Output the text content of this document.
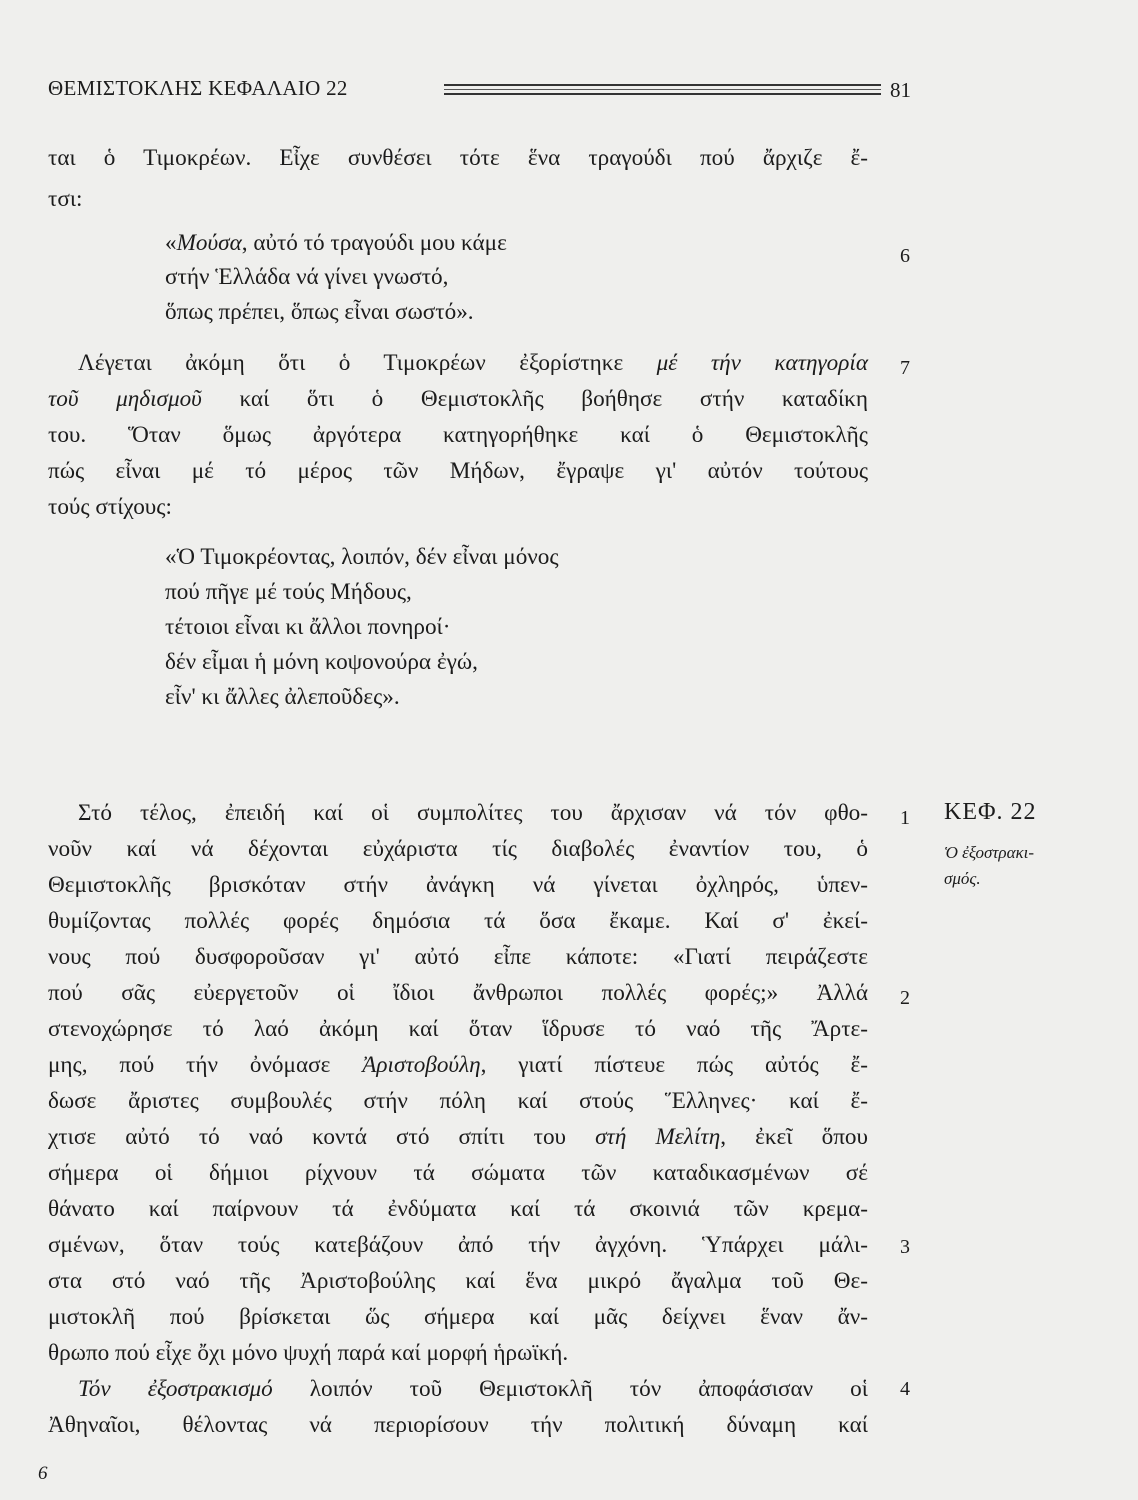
ΘΕΜΙΣΤΟΚΛΗΣ ΚΕΦΑΛΑΙΟ 22	81
ται ὁ Τιμοκρέων. Εἶχε συνθέσει τότε ἕνα τραγούδι πού ἄρχιζε ἔ-
τσι:
«Μούσα, αὐτό τό τραγούδι μου κάμε
στήν Ἑλλάδα νά γίνει γνωστό,
ὅπως πρέπει, ὅπως εἶναι σωστό».
Λέγεται ἀκόμη ὅτι ὁ Τιμοκρέων ἐξορίστηκε μέ τήν κατηγορία
τοῦ μηδισμοῦ καί ὅτι ὁ Θεμιστοκλῆς βοήθησε στήν καταδίκη
του. Ὅταν ὅμως ἀργότερα κατηγορήθηκε καί ὁ Θεμιστοκλῆς
πώς εἶναι μέ τό μέρος τῶν Μήδων, ἔγραψε γι' αὐτόν τούτους
τούς στίχους:
«Ὁ Τιμοκρέοντας, λοιπόν, δέν εἶναι μόνος
πού πῆγε μέ τούς Μήδους,
τέτοιοι εἶναι κι ἄλλοι πονηροί·
δέν εἶμαι ἡ μόνη κοψονούρα ἐγώ,
εἶν' κι ἄλλες ἀλεποῦδες».
Στό τέλος, ἐπειδή καί οἱ συμπολίτες του ἄρχισαν νά τόν φθο-
νοῦν καί νά δέχονται εὐχάριστα τίς διαβολές ἐναντίον του, ὁ
Θεμιστοκλῆς βρισκόταν στήν ἀνάγκη νά γίνεται ὀχληρός, ὑπεν-
θυμίζοντας πολλές φορές δημόσια τά ὅσα ἔκαμε. Καί σ' ἐκεί-
νους πού δυσφοροῦσαν γι' αὐτό εἶπε κάποτε: «Γιατί πειράζεστε
πού σᾶς εὐεργετοῦν οἱ ἴδιοι ἄνθρωποι πολλές φορές;» Ἀλλά
στενοχώρησε τό λαό ἀκόμη καί ὅταν ἵδρυσε τό ναό τῆς Ἄρτε-
μης, πού τήν ὀνόμασε Ἀριστοβούλη, γιατί πίστευε πώς αὐτός ἔ-
δωσε ἄριστες συμβουλές στήν πόλη καί στούς Ἕλληνες· καί ἔ-
χτισε αὐτό τό ναό κοντά στό σπίτι του στή Μελίτη, ἐκεῖ ὅπου
σήμερα οἱ δήμιοι ρίχνουν τά σώματα τῶν καταδικασμένων σέ
θάνατο καί παίρνουν τά ἐνδύματα καί τά σκοινιά τῶν κρεμα-
σμένων, ὅταν τούς κατεβάζουν ἀπό τήν ἀγχόνη. Ὑπάρχει μάλι-
στα στό ναό τῆς Ἀριστοβούλης καί ἕνα μικρό ἄγαλμα τοῦ Θε-
μιστοκλῆ πού βρίσκεται ὥς σήμερα καί μᾶς δείχνει ἕναν ἄν-
θρωπο πού εἶχε ὄχι μόνο ψυχή παρά καί μορφή ἡρωϊκή.
Τόν ἐξοστρακισμό λοιπόν τοῦ Θεμιστοκλῆ τόν ἀποφάσισαν οἱ
Ἀθηναῖοι, θέλοντας νά περιορίσουν τήν πολιτική δύναμη καί
6
7
1
2
3
4
ΚΕΦ. 22
Ὁ ἐξοστρακι-
σμός.
6
